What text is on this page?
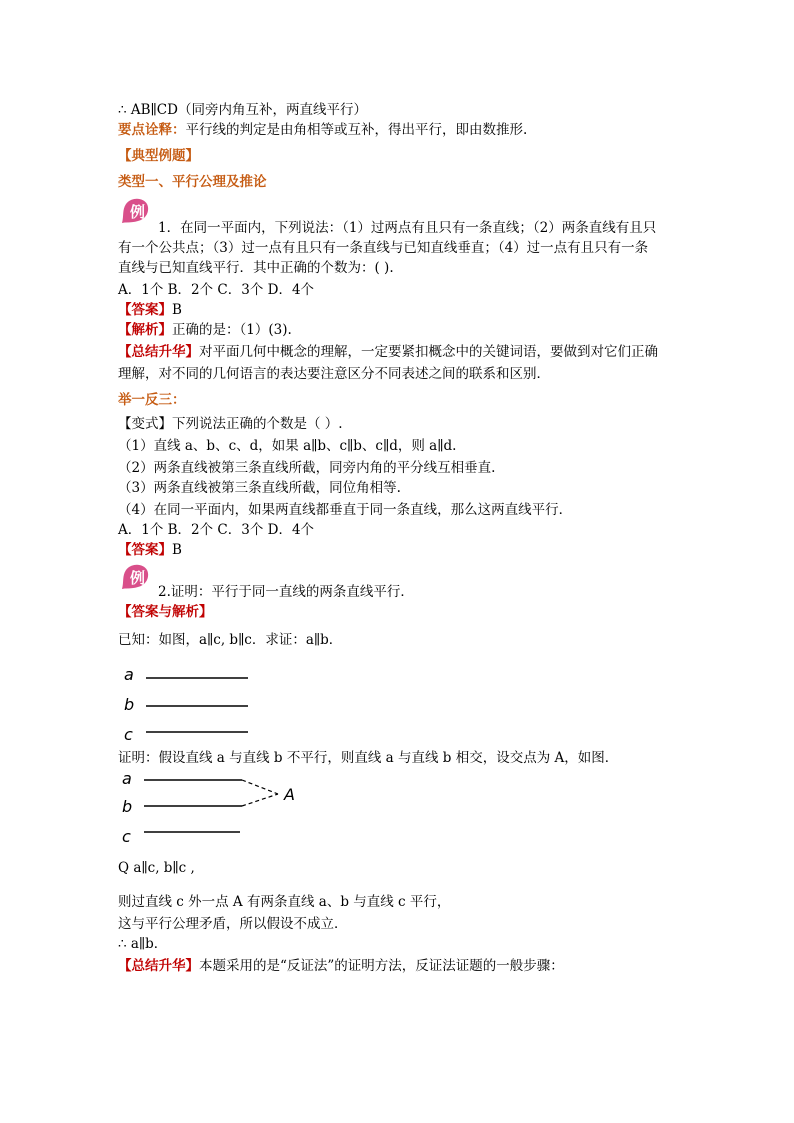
∴ AB∥CD（同旁内角互补，两直线平行）
要点诠释：平行线的判定是由角相等或互补，得出平行，即由数推形.
【典型例题】
类型一、平行公理及推论
例
1．在同一平面内，下列说法：（1）过两点有且只有一条直线；（2）两条直线有且只
有一个公共点；（3）过一点有且只有一条直线与已知直线垂直；（4）过一点有且只有一条
直线与已知直线平行．其中正确的个数为：( ).
A．1个 B．2个 C．3个 D．4个
【答案】B
【解析】正确的是：（1）(3).
【总结升华】对平面几何中概念的理解，一定要紧扣概念中的关键词语，要做到对它们正确
理解，对不同的几何语言的表达要注意区分不同表述之间的联系和区别．
举一反三：
【变式】下列说法正确的个数是（ ）.
（1）直线 a、b、c、d，如果 a∥b、c∥b、c∥d，则 a∥d.
（2）两条直线被第三条直线所截，同旁内角的平分线互相垂直.
（3）两条直线被第三条直线所截，同位角相等.
（4）在同一平面内，如果两直线都垂直于同一条直线，那么这两直线平行．
A．1个 B．2个 C．3个 D．4个
【答案】B
例
2.证明：平行于同一直线的两条直线平行．
【答案与解析】
已知：如图，a∥c, b∥c．求证：a∥b．
a
b
c
证明：假设直线 a 与直线 b 不平行，则直线 a 与直线 b 相交，设交点为 A，如图．
a
b
A
c
Q a∥c, b∥c ,
则过直线 c 外一点 A 有两条直线 a、b 与直线 c 平行，
这与平行公理矛盾，所以假设不成立．
∴ a∥b．
【总结升华】本题采用的是“反证法”的证明方法，反证法证题的一般步骤：
